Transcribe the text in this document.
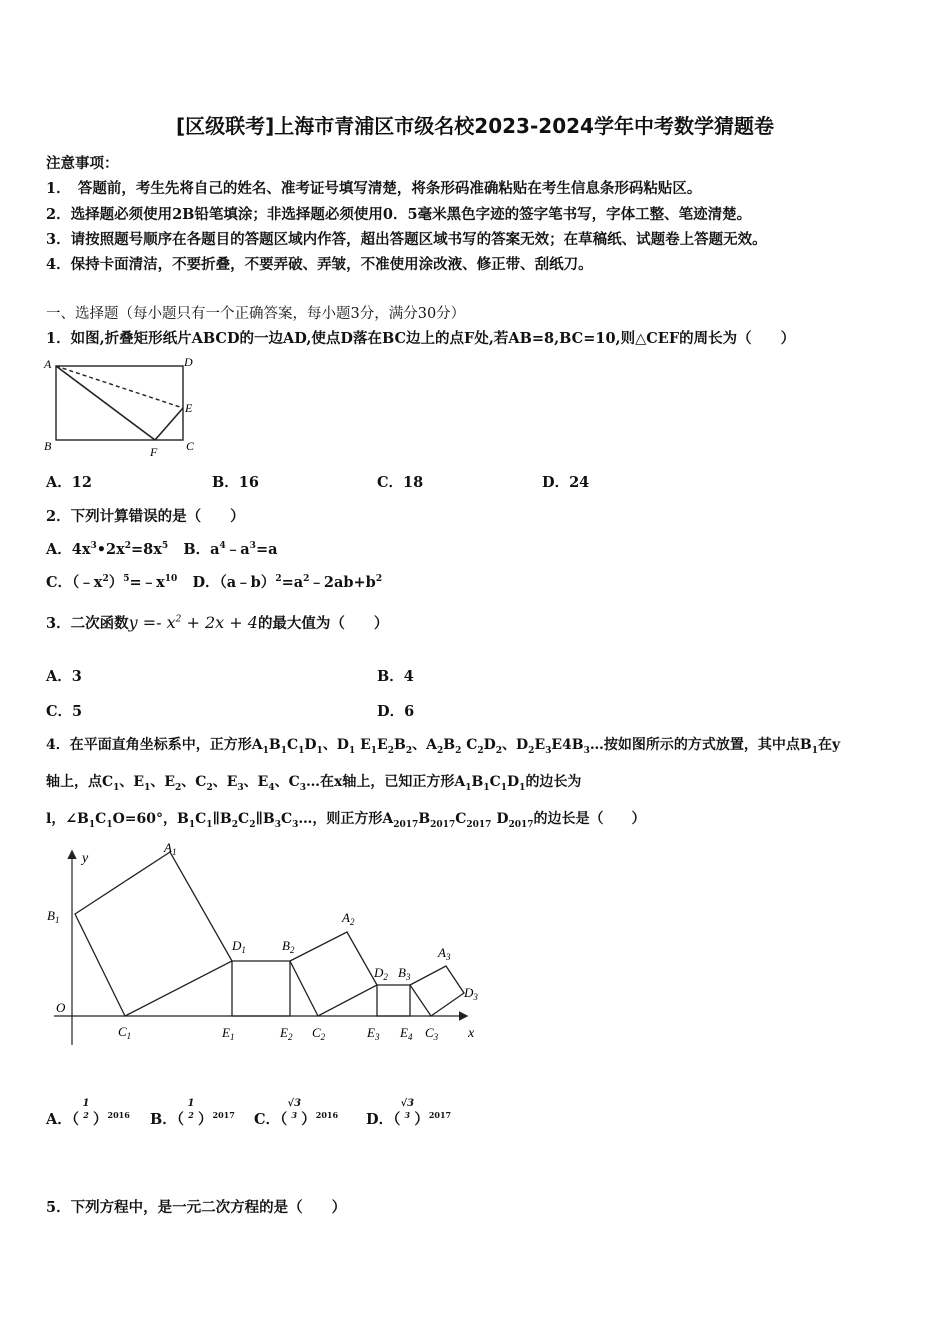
[区级联考]上海市青浦区市级名校2023-2024学年中考数学猜题卷
注意事项：
1．　答题前，考生先将自己的姓名、准考证号填写清楚，将条形码准确粘贴在考生信息条形码粘贴区。
2．选择题必须使用2B铅笔填涂；非选择题必须使用0．5毫米黑色字迹的签字笔书写，字体工整、笔迹清楚。
3．请按照题号顺序在各题目的答题区域内作答，超出答题区域书写的答案无效；在草稿纸、试题卷上答题无效。
4．保持卡面清洁，不要折叠，不要弄破、弄皱，不准使用涂改液、修正带、刮纸刀。
一、选择题（每小题只有一个正确答案，每小题3分，满分30分）
1．如图,折叠矩形纸片ABCD的一边AD,使点D落在BC边上的点F处,若AB=8,BC=10,则△CEF的周长为（　　）
A	D
E
B	F C
A．12	B．16	C．18	D．24
2．下列计算错误的是（　　）
A．$4x^3•2x^2=8x^5$ B．$a^4﹣a^3=a$
C．$(﹣x^2)^5=﹣x^{10}$ D．$(a﹣b)^2=a^2﹣2ab+b^2$
3．二次函数$y =- x^2 + 2x + 4$的最大值为（　　）
A．3	B．4
C．5	D．6
4．在平面直角坐标系中，正方形$A_1B_1C_1D_1$、$D_1$ $E_1E_2B_2$、$A_2B_2$ $C_2D_2$、$D_2E_3E4B_3\dots$按如图所示的方式放置，其中点$B_1$在y
轴上，点$C_1$、$E_1$、$E_2$、$C_2$、$E_3$、$E_4$、$C_3\dots$在x轴上，已知正方形$A_1B_1C_1D_1$的边长为
l，$\angle B_1C_1O=60^\circ$，$B_1C_1\parallel B_2C_2\parallel B_3C_3\dots$，则正方形$A_{2017}B_{2017}C_{2017}$ $D_{2017}$的边长是（　　）
y
x
O
$A_1$
$B_1$
$C_1$
$D_1$
$E_1$
$B_2$
$E_2$
$A_2$
$C_2$
$D_2$
$E_3$
$B_3$
$E_4$
$A_3$
$D_3$
$C_3$
A．（
1
2 ）$^{2016}$ B．（
1
2 ）$^{2017}$ C．（
√3
3 ）$^{2016}$ D．（
√3
3 ）$^{2017}$
5．下列方程中，是一元二次方程的是（　　）
